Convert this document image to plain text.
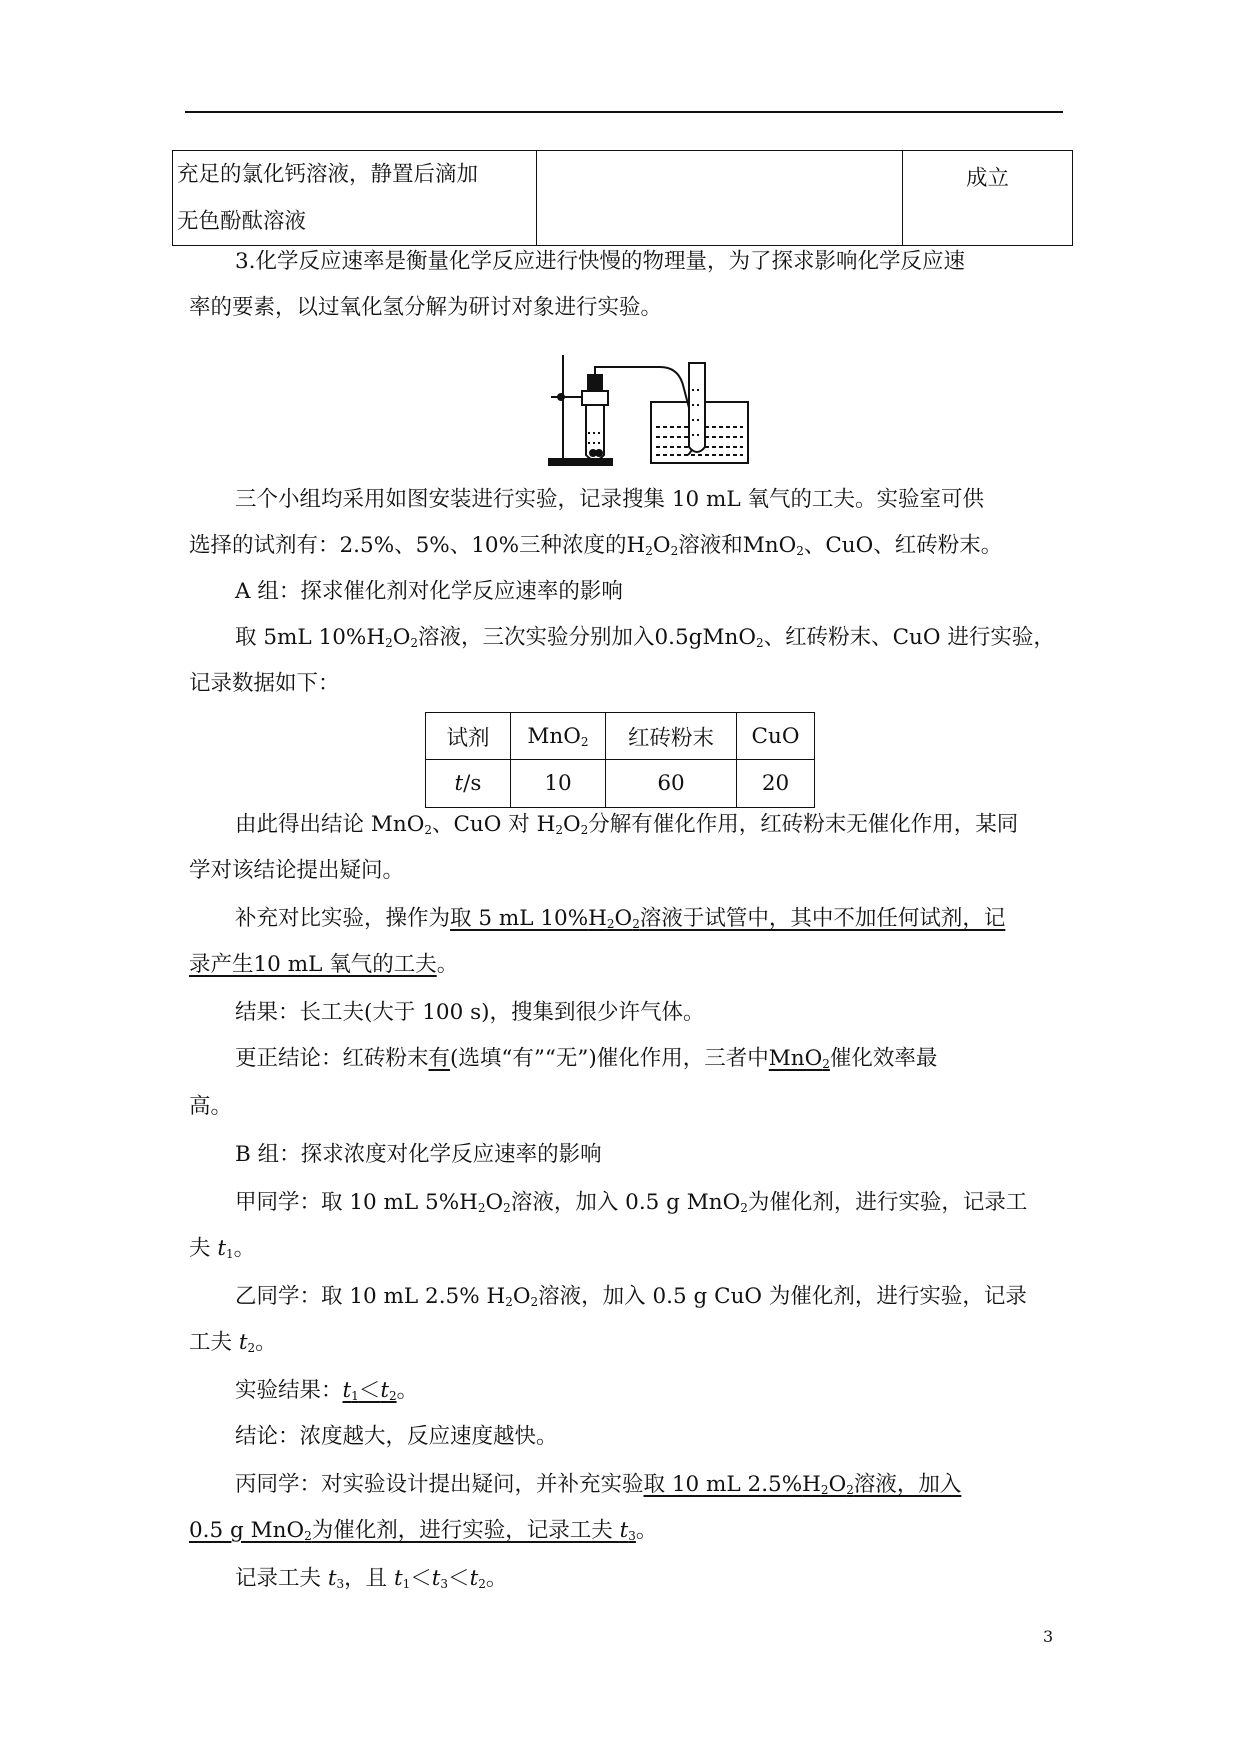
充足的氯化钙溶液，静置后滴加
无色酚酞溶液
		成立
3.化学反应速率是衡量化学反应进行快慢的物理量，为了探求影响化学反应速
率的要素，以过氧化氢分解为研讨对象进行实验。
三个小组均采用如图安装进行实验，记录搜集 10 mL 氧气的工夫。实验室可供
选择的试剂有：2.5%、5%、10%三种浓度的$H_2O_2$溶液和MnO$_2$、CuO、红砖粉末。
A 组：探求催化剂对化学反应速率的影响
取 5mL $10\%H_2O_2$溶液，三次实验分别加入0.5gMnO$_2$、红砖粉末、CuO 进行实验，
记录数据如下：
试剂	MnO$_2$	红砖粉末	CuO
t/s	10	60	20
由此得出结论 MnO$_2$、CuO 对 $H_2O_2$分解有催化作用，红砖粉末无催化作用，某同
学对该结论提出疑问。
补充对比实验，操作为取 5 mL $10\%H_2O_2$溶液于试管中，其中不加任何试剂，记
录产生10 mL 氧气的工夫。
结果：长工夫(大于 100 s)，搜集到很少许气体。
更正结论：红砖粉末有(选填“有”“无”)催化作用，三者中MnO$_2$催化效率最
高。
B 组：探求浓度对化学反应速率的影响
甲同学：取 10 mL $5\%H_2O_2$溶液，加入 0.5 g MnO$_2$为催化剂，进行实验，记录工
夫 $t_1$。
乙同学：取 10 mL 2.5% $H_2O_2$溶液，加入 0.5 g CuO 为催化剂，进行实验，记录
工夫 $t_2$。
实验结果：$t_1<t_2$。
结论：浓度越大，反应速度越快。
丙同学：对实验设计提出疑问，并补充实验取 10 mL $2.5\%H_2O_2$溶液，加入
0.5 g MnO$_2$为催化剂，进行实验，记录工夫 $t_3$。
记录工夫 $t_3$，且 $t_1<t_3<t_2$。
3
